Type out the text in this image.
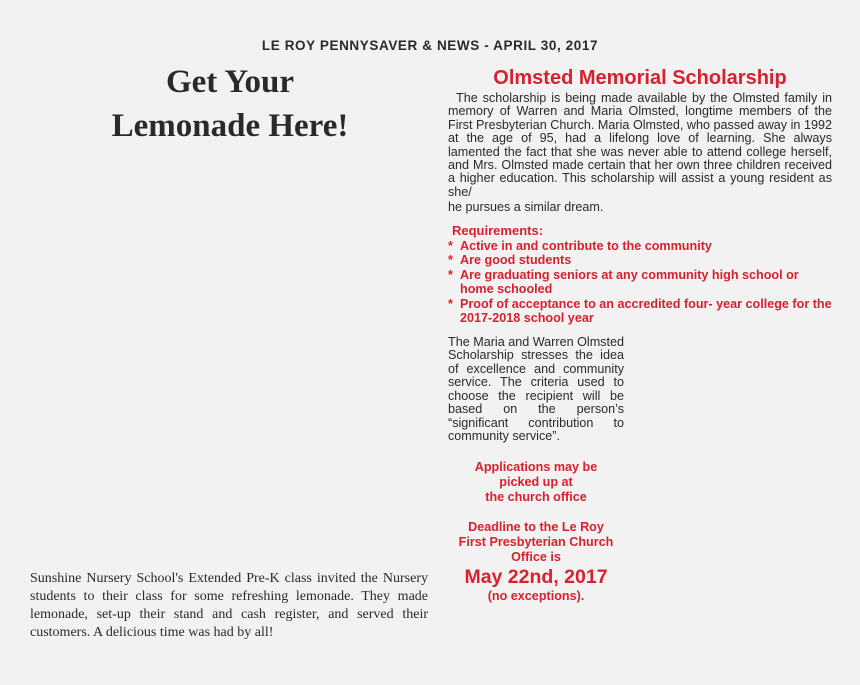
LE ROY PENNYSAVER & NEWS - APRIL 30, 2017
Get Your
Lemonade Here!
Sunshine Nursery School's Extended Pre-K class invited the Nursery students to their class for some refreshing lemonade. They made lemonade, set-up their stand and cash register, and served their customers. A delicious time was had by all!
Olmsted Memorial Scholarship

The scholarship is being made available by the Olmsted family in memory of Warren and Maria Olmsted, longtime members of the First Presbyterian Church. Maria Olmsted, who passed away in 1992 at the age of 95, had a lifelong love of learning. She always lamented the fact that she was never able to attend college herself, and Mrs. Olmsted made certain that her own three children received a higher education. This scholarship will assist a young resident as she/

he pursues a similar dream.
Requirements:
* Active in and contribute to the community
* Are good students
* Are graduating seniors at any community high school or home schooled
* Proof of acceptance to an accredited four- year college for the 2017-2018 school year
The Maria and Warren Olmsted Scholarship stresses the idea of excellence and community service. The criteria used to choose the recipient will be based on the person’s “significant contribution to community service”.
Applications may be
picked up at
the church office
Deadline to the Le Roy
First Presbyterian Church
Office is
May 22nd, 2017
(no exceptions).
